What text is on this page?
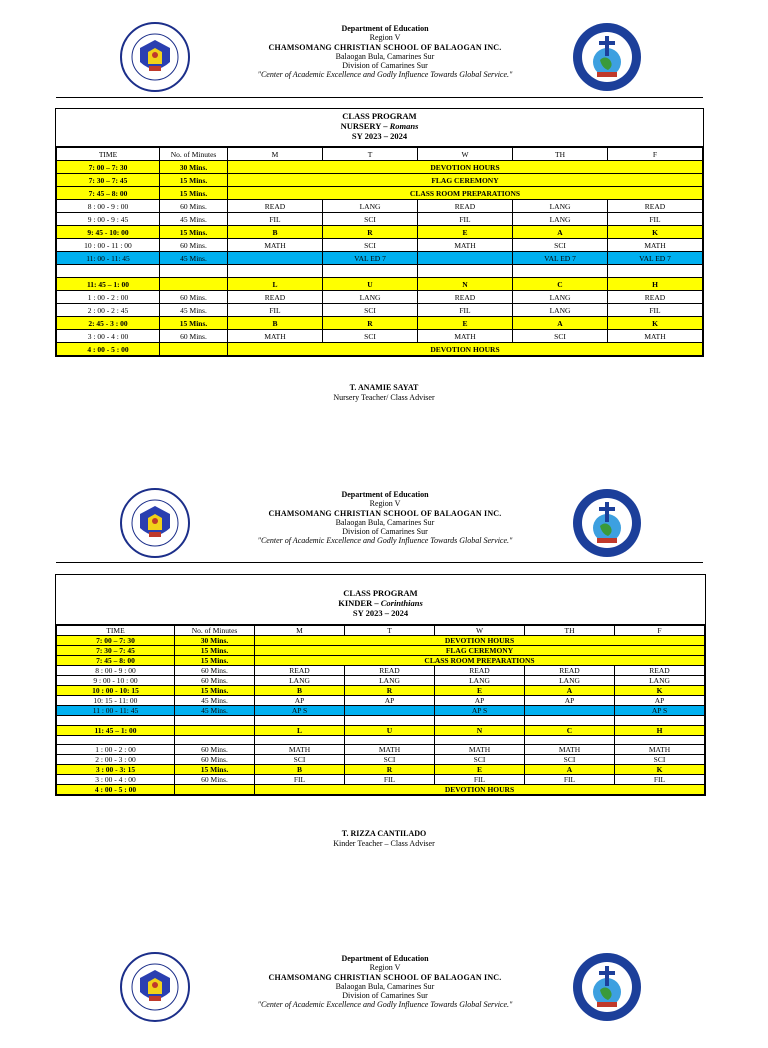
Department of Education
Region V
CHAMSOMANG CHRISTIAN SCHOOL OF BALAOGAN INC.
Balaogan Bula, Camarines Sur
Division of Camarines Sur
"Center of Academic Excellence and Godly Influence Towards Global Service."
CLASS PROGRAM
NURSERY – Romans
SY 2023 – 2024
TIME	No. of Minutes	M	T	W	TH	F
7: 00 – 7: 30	30 Mins.	DEVOTION HOURS				
7: 30 – 7: 45	15 Mins.	FLAG CEREMONY				
7: 45 – 8: 00	15 Mins.	CLASS ROOM PREPARATIONS				
8 : 00 - 9 : 00	60 Mins.	READ	LANG	READ	LANG	READ
9 : 00 - 9 : 45	45 Mins.	FIL	SCI	FIL	LANG	FIL
9: 45 - 10: 00	15 Mins.	B	R	E	A	K
10 : 00 - 11 : 00	60 Mins.	MATH	SCI	MATH	SCI	MATH
11: 00 - 11: 45	45 Mins.		VAL ED 7		VAL ED 7	VAL ED 7

11: 45 – 1: 00		L	U	N	C	H
1 : 00 - 2 : 00	60 Mins.	READ	LANG	READ	LANG	READ
2 : 00 - 2 : 45	45 Mins.	FIL	SCI	FIL	LANG	FIL
2: 45 - 3 : 00	15 Mins.	B	R	E	A	K
3 : 00 - 4 : 00	60 Mins.	MATH	SCI	MATH	SCI	MATH
4 : 00 - 5 : 00		DEVOTION HOURS				
T. ANAMIE SAYAT
Nursery Teacher/ Class Adviser
Department of Education
Region V
CHAMSOMANG CHRISTIAN SCHOOL OF BALAOGAN INC.
Balaogan Bula, Camarines Sur
Division of Camarines Sur
"Center of Academic Excellence and Godly Influence Towards Global Service."
CLASS PROGRAM
KINDER – Corinthians
SY 2023 – 2024
TIME	No. of Minutes	M	T	W	TH	F
7: 00 – 7: 30	30 Mins.	DEVOTION HOURS				
7: 30 – 7: 45	15 Mins.	FLAG CEREMONY				
7: 45 – 8: 00	15 Mins.	CLASS ROOM PREPARATIONS				
8 : 00 - 9 : 00	60 Mins.	READ	READ	READ	READ	READ
9 : 00 - 10 : 00	60 Mins.	LANG	LANG	LANG	LANG	LANG
10 : 00 - 10: 15	15 Mins.	B	R	E	A	K
10: 15 - 11: 00	45 Mins.	AP	AP	AP	AP	AP
11 : 00 - 11: 45	45 Mins.	AP S		AP S		AP S

11: 45 – 1: 00		L	U	N	C	H

1 : 00 - 2 : 00	60 Mins.	MATH	MATH	MATH	MATH	MATH
2 : 00 - 3 : 00	60 Mins.	SCI	SCI	SCI	SCI	SCI
3 : 00 - 3: 15	15 Mins.	B	R	E	A	K
3 : 00 - 4 : 00	60 Mins.	FIL	FIL	FIL	FIL	FIL
4 : 00 - 5 : 00		DEVOTION HOURS				
T. RIZZA CANTILADO
Kinder Teacher – Class Adviser
Department of Education
Region V
CHAMSOMANG CHRISTIAN SCHOOL OF BALAOGAN INC.
Balaogan Bula, Camarines Sur
Division of Camarines Sur
"Center of Academic Excellence and Godly Influence Towards Global Service."
